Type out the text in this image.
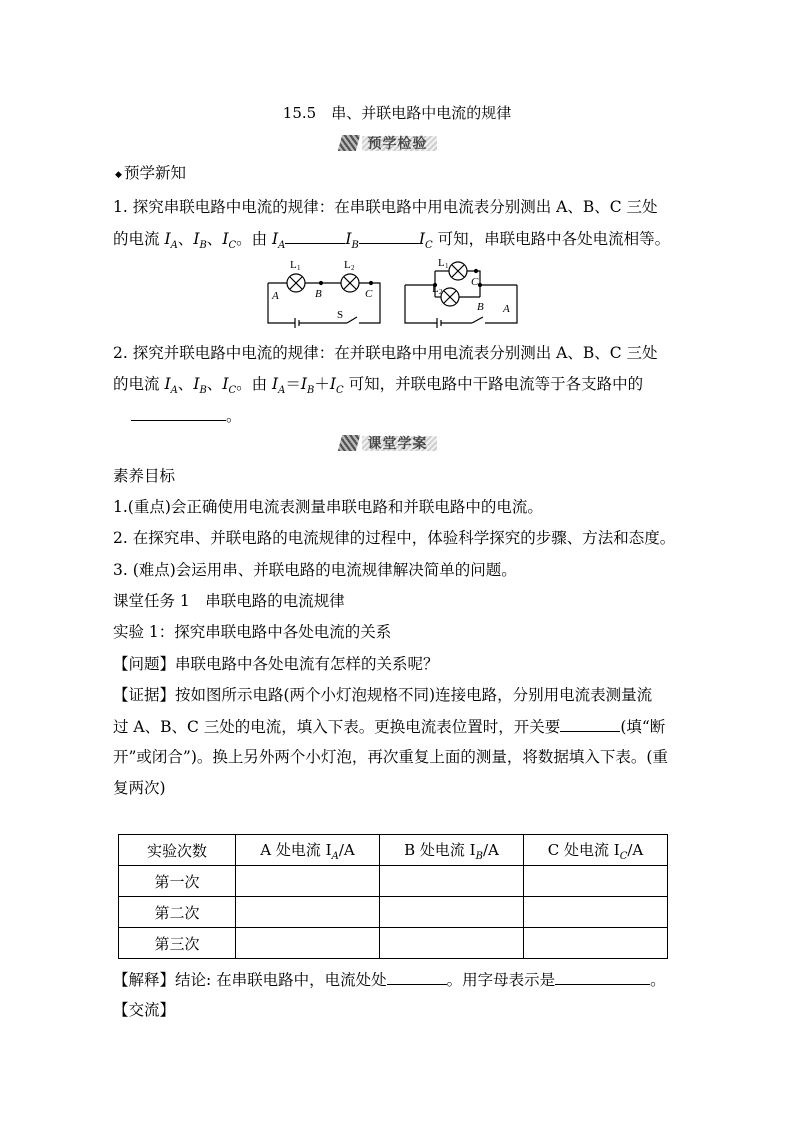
15.5　串、并联电路中电流的规律
预学检验
◆ 预学新知
1. 探究串联电路中电流的规律：在串联电路中用电流表分别测出 A、B、C 三处
的电流 $I_A$、$I_B$、$I_C$。由 $I_A$	$I_B$	$I_C$ 可知，串联电路中各处电流相等。
L 1	L 2
A	B	C
S
L 1
L 2
C
B A
2. 探究并联电路中电流的规律：在并联电路中用电流表分别测出 A、B、C 三处
的电流 $I_A$、$I_B$、$I_C$。由 $I_A=I_B+I_C$ 可知，并联电路中干路电流等于各支路中的
。
课堂学案
素养目标
1.(重点)会正确使用电流表测量串联电路和并联电路中的电流。
2. 在探究串、并联电路的电流规律的过程中，体验科学探究的步骤、方法和态度。
3. (难点)会运用串、并联电路的电流规律解决简单的问题。
课堂任务 1　串联电路的电流规律
实验 1：探究串联电路中各处电流的关系
【问题】串联电路中各处电流有怎样的关系呢？
【证据】按如图所示电路(两个小灯泡规格不同)连接电路，分别用电流表测量流
过 A、B、C 三处的电流，填入下表。更换电流表位置时，开关要	(填“断
开”或闭合”)。换上另外两个小灯泡，再次重复上面的测量，将数据填入下表。(重
复两次)
实验次数	A 处电流 $I_A/A$	B 处电流 $I_B/A$	C 处电流 $I_C/A$
第一次			
第二次			
第三次			
【解释】结论: 在串联电路中，电流处处	。用字母表示是	。
【交流】
